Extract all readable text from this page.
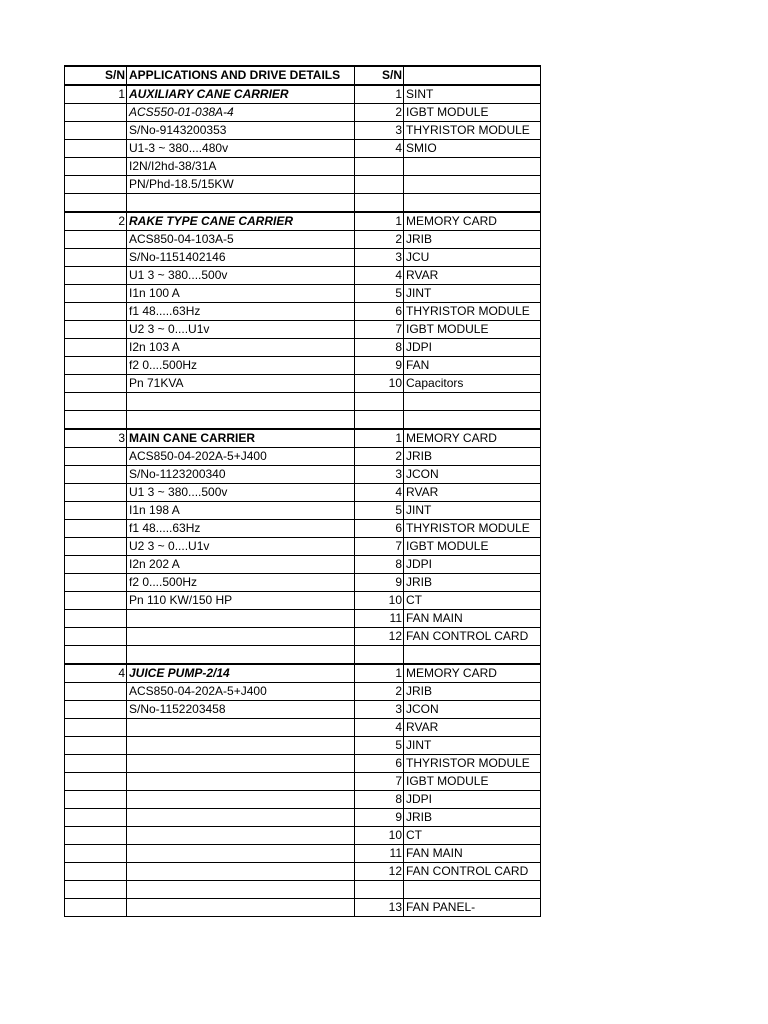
S/N	APPLICATIONS AND DRIVE DETAILS	S/N	
1	AUXILIARY CANE CARRIER	1	SINT
	ACS550-01-038A-4	2	IGBT MODULE
	S/No-9143200353	3	THYRISTOR MODULE
	U1-3 ~ 380....480v	4	SMIO
	I2N/I2hd-38/31A		
	PN/Phd-18.5/15KW		

2	RAKE TYPE CANE CARRIER	1	MEMORY CARD
	ACS850-04-103A-5	2	JRIB
	S/No-1151402146	3	JCU
	U1 3 ~ 380....500v	4	RVAR
	I1n 100 A	5	JINT
	f1 48.....63Hz	6	THYRISTOR MODULE
	U2 3 ~ 0....U1v	7	IGBT MODULE
	I2n 103 A	8	JDPI
	f2 0....500Hz	9	FAN
	Pn 71KVA	10	Capacitors

3	MAIN CANE CARRIER	1	MEMORY CARD
	ACS850-04-202A-5+J400	2	JRIB
	S/No-1123200340	3	JCON
	U1 3 ~ 380....500v	4	RVAR
	I1n 198 A	5	JINT
	f1 48.....63Hz	6	THYRISTOR MODULE
	U2 3 ~ 0....U1v	7	IGBT MODULE
	I2n 202 A	8	JDPI
	f2 0....500Hz	9	JRIB
	Pn 110 KW/150 HP	10	CT
		11	FAN MAIN
		12	FAN CONTROL CARD

4	JUICE PUMP-2/14	1	MEMORY CARD
	ACS850-04-202A-5+J400	2	JRIB
	S/No-1152203458	3	JCON
		4	RVAR
		5	JINT
		6	THYRISTOR MODULE
		7	IGBT MODULE
		8	JDPI
		9	JRIB
		10	CT
		11	FAN MAIN
		12	FAN CONTROL CARD

		13	FAN PANEL-
